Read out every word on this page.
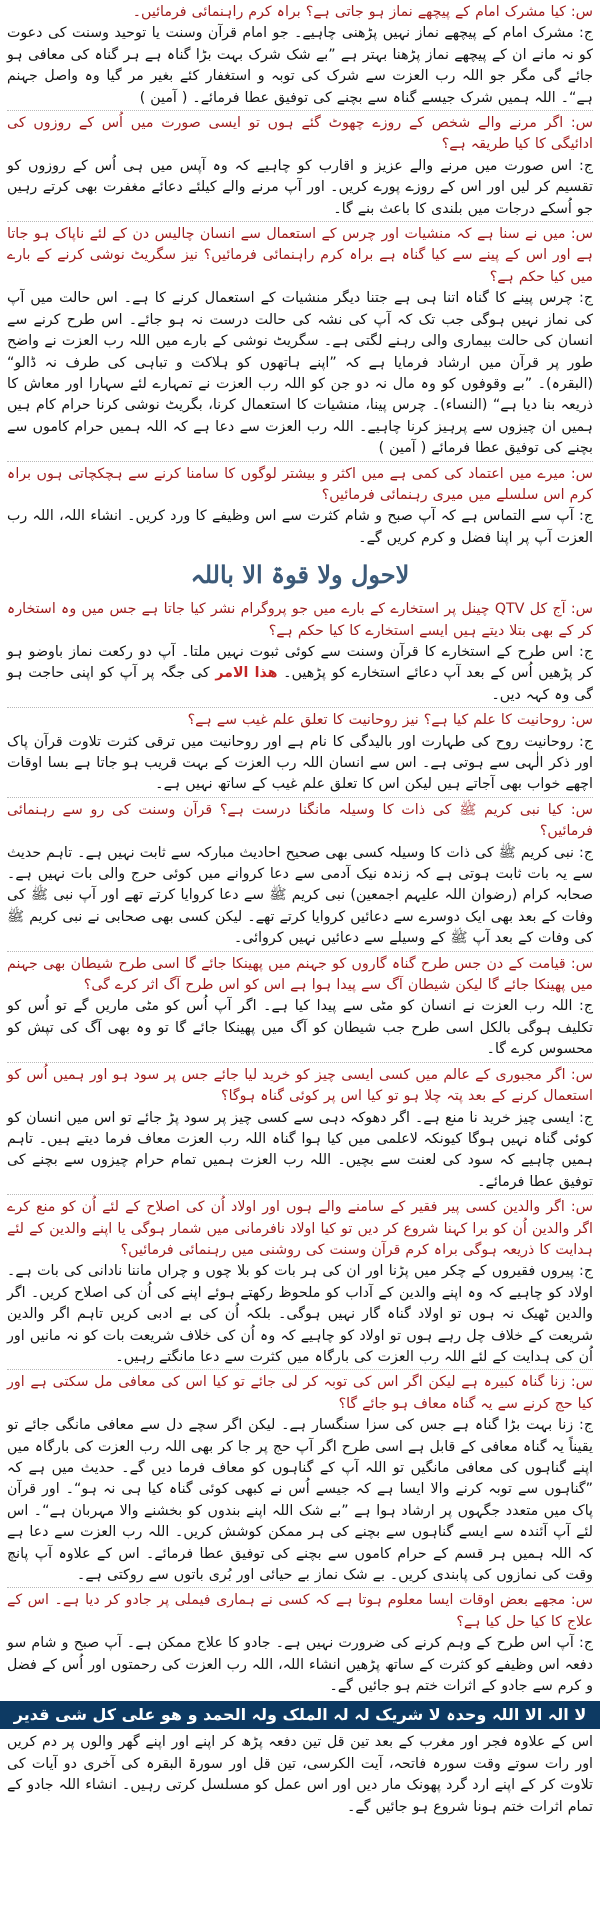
س: کیا مشرک امام کے پیچھے نماز ہو جاتی ہے؟ براہ کرم راہنمائی فرمائیں۔

ج: مشرک امام کے پیچھے نماز نہیں پڑھنی چاہیے۔ جو امام قرآن وسنت یا توحید وسنت کی دعوت کو نہ مانے ان کے پیچھے نماز پڑھنا بہتر ہے ”بے شک شرک بہت بڑا گناہ ہے ہر گناہ کی معافی ہو جائے گی مگر جو اللہ رب العزت سے شرک کی توبہ و استغفار کئے بغیر مر گیا وہ واصل جہنم ہے“۔ اللہ ہمیں شرک جیسے گناہ سے بچنے کی توفیق عطا فرمائے۔ ( آمین )

س: اگر مرنے والے شخص کے روزے چھوٹ گئے ہوں تو ایسی صورت میں اُس کے روزوں کی ادائیگی کا کیا طریقہ ہے؟

ج: اس صورت میں مرنے والے عزیز و اقارب کو چاہیے کہ وہ آپس میں ہی اُس کے روزوں کو تقسیم کر لیں اور اس کے روزے پورے کریں۔ اور آپ مرنے والے کیلئے دعائے مغفرت بھی کرتے رہیں جو اُسکے درجات میں بلندی کا باعث بنے گا۔

س: میں نے سنا ہے کہ منشیات اور چرس کے استعمال سے انسان چالیس دن کے لئے ناپاک ہو جاتا ہے اور اس کے پینے سے کیا گناہ ہے براہ کرم راہنمائی فرمائیں؟ نیز سگریٹ نوشی کرنے کے بارے میں کیا حکم ہے؟

ج: چرس پینے کا گناہ اتنا ہی ہے جتنا دیگر منشیات کے استعمال کرنے کا ہے۔ اس حالت میں آپ کی نماز نہیں ہوگی جب تک کہ آپ کی نشہ کی حالت درست نہ ہو جائے۔ اس طرح کرنے سے انسان کی حالت بیماری والی رہنے لگتی ہے۔ سگریٹ نوشی کے بارے میں اللہ رب العزت نے واضح طور پر قرآن میں ارشاد فرمایا ہے کہ ”اپنے ہاتھوں کو ہلاکت و تباہی کی طرف نہ ڈالو“ (البقرہ)۔ ”بے وقوفوں کو وہ مال نہ دو جن کو اللہ رب العزت نے تمہارے لئے سہارا اور معاش کا ذریعہ بنا دیا ہے“ (النساء)۔ چرس پینا، منشیات کا استعمال کرنا، بگریٹ نوشی کرنا حرام کام ہیں ہمیں ان چیزوں سے پرہیز کرنا چاہیے۔ اللہ رب العزت سے دعا ہے کہ اللہ ہمیں حرام کاموں سے بچنے کی توفیق عطا فرمائے ( آمین )

س: میرے میں اعتماد کی کمی ہے میں اکثر و بیشتر لوگوں کا سامنا کرنے سے ہچکچاتی ہوں براہ کرم اس سلسلے میں میری رہنمائی فرمائیں؟

ج: آپ سے التماس ہے کہ آپ صبح و شام کثرت سے اس وظیفے کا ورد کریں۔ انشاء اللہ، اللہ رب العزت آپ پر اپنا فضل و کرم کریں گے۔

لاحول ولا قوۃ الا باللہ

س: آج کل QTV چینل پر استخارے کے بارے میں جو پروگرام نشر کیا جاتا ہے جس میں وہ استخارہ کر کے بھی بتلا دیتے ہیں ایسے استخارے کا کیا حکم ہے؟

ج: اس طرح کے استخارے کا قرآن وسنت سے کوئی ثبوت نہیں ملتا۔ آپ دو رکعت نماز باوضو ہو کر پڑھیں اُس کے بعد آپ دعائے استخارے کو پڑھیں۔ ھذا الامر کی جگہ پر آپ کو اپنی حاجت ہو گی وہ کہہ دیں۔

س: روحانیت کا علم کیا ہے؟ نیز روحانیت کا تعلق علم غیب سے ہے؟

ج: روحانیت روح کی طہارت اور بالیدگی کا نام ہے اور روحانیت میں ترقی کثرت تلاوت قرآن پاک اور ذکر الٰہی سے ہوتی ہے۔ اس سے انسان اللہ رب العزت کے بہت قریب ہو جاتا ہے بسا اوقات اچھے خواب بھی آجاتے ہیں لیکن اس کا تعلق علم غیب کے ساتھ نہیں ہے۔

س: کیا نبی کریم ﷺ کی ذات کا وسیلہ مانگنا درست ہے؟ قرآن وسنت کی رو سے رہنمائی فرمائیں؟

ج: نبی کریم ﷺ کی ذات کا وسیلہ کسی بھی صحیح احادیث مبارکہ سے ثابت نہیں ہے۔ تاہم حدیث سے یہ بات ثابت ہوتی ہے کہ زندہ نیک آدمی سے دعا کروانے میں کوئی حرج والی بات نہیں ہے۔ صحابہ کرام (رضوان اللہ علیہم اجمعین) نبی کریم ﷺ سے دعا کروایا کرتے تھے اور آپ نبی ﷺ کی وفات کے بعد بھی ایک دوسرے سے دعائیں کروایا کرتے تھے۔ لیکن کسی بھی صحابی نے نبی کریم ﷺ کی وفات کے بعد آپ ﷺ کے وسیلے سے دعائیں نہیں کروائی۔

س: قیامت کے دن جس طرح گناہ گاروں کو جہنم میں پھینکا جائے گا اسی طرح شیطان بھی جہنم میں پھینکا جائے گا لیکن شیطان آگ سے پیدا ہوا ہے اس کو اس طرح آگ اثر کرے گی؟

ج: اللہ رب العزت نے انسان کو مٹی سے پیدا کیا ہے۔ اگر آپ اُس کو مٹی ماریں گے تو اُس کو تکلیف ہوگی بالکل اسی طرح جب شیطان کو آگ میں پھینکا جائے گا تو وہ بھی آگ کی تپش کو محسوس کرے گا۔

س: اگر مجبوری کے عالم میں کسی ایسی چیز کو خرید لیا جائے جس پر سود ہو اور ہمیں اُس کو استعمال کرنے کے بعد پتہ چلا ہو تو کیا اس پر کوئی گناہ ہوگا؟

ج: ایسی چیز خرید نا منع ہے۔ اگر دھوکہ دہی سے کسی چیز پر سود پڑ جائے تو اس میں انسان کو کوئی گناہ نہیں ہوگا کیونکہ لاعلمی میں کیا ہوا گناہ اللہ رب العزت معاف فرما دیتے ہیں۔ تاہم ہمیں چاہیے کہ سود کی لعنت سے بچیں۔ اللہ رب العزت ہمیں تمام حرام چیزوں سے بچنے کی توفیق عطا فرمائے۔

س: اگر والدین کسی پیر فقیر کے سامنے والے ہوں اور اولاد اُن کی اصلاح کے لئے اُن کو منع کرے اگر والدین اُن کو برا کہنا شروع کر دیں تو کیا اولاد نافرمانی میں شمار ہوگی یا اپنے والدین کے لئے ہدایت کا ذریعہ ہوگی براہ کرم قرآن وسنت کی روشنی میں رہنمائی فرمائیں؟

ج: پیروں فقیروں کے چکر میں پڑنا اور ان کی ہر بات کو بلا چوں و چراں ماننا نادانی کی بات ہے۔ اولاد کو چاہیے کہ وہ اپنے والدین کے آداب کو ملحوظ رکھتے ہوئے اپنے کی اُن کی اصلاح کریں۔ اگر والدین ٹھیک نہ ہوں تو اولاد گناہ گار نہیں ہوگی۔ بلکہ اُن کی بے ادبی کریں تاہم اگر والدین شریعت کے خلاف چل رہے ہوں تو اولاد کو چاہیے کہ وہ اُن کی خلاف شریعت بات کو نہ مانیں اور اُن کی ہدایت کے لئے اللہ رب العزت کی بارگاہ میں کثرت سے دعا مانگتے رہیں۔

س: زنا گناہ کبیرہ ہے لیکن اگر اس کی توبہ کر لی جائے تو کیا اس کی معافی مل سکتی ہے اور کیا حج کرنے سے یہ گناہ معاف ہو جائے گا؟

ج: زنا بہت بڑا گناہ ہے جس کی سزا سنگسار ہے۔ لیکن اگر سچے دل سے معافی مانگی جائے تو یقیناً یہ گناہ معافی کے قابل ہے اسی طرح اگر آپ حج پر جا کر بھی اللہ رب العزت کی بارگاہ میں اپنے گناہوں کی معافی مانگیں تو اللہ آپ کے گناہوں کو معاف فرما دیں گے۔ حدیث میں ہے کہ ”گناہوں سے توبہ کرنے والا ایسا ہے کہ جیسے اُس نے کبھی کوئی گناہ کیا ہی نہ ہو“۔ اور قرآن پاک میں متعدد جگہوں پر ارشاد ہوا ہے ”بے شک اللہ اپنے بندوں کو بخشنے والا مہربان ہے“۔ اس لئے آپ آئندہ سے ایسے گناہوں سے بچنے کی ہر ممکن کوشش کریں۔ اللہ رب العزت سے دعا ہے کہ اللہ ہمیں ہر قسم کے حرام کاموں سے بچنے کی توفیق عطا فرمائے۔ اس کے علاوہ آپ پانچ وقت کی نمازوں کی پابندی کریں۔ بے شک نماز بے حیائی اور بُری باتوں سے روکتی ہے۔

س: مجھے بعض اوقات ایسا معلوم ہوتا ہے کہ کسی نے ہماری فیملی پر جادو کر دیا ہے۔ اس کے علاج کا کیا حل کیا ہے؟

ج: آپ اس طرح کے وہم کرنے کی ضرورت نہیں ہے۔ جادو کا علاج ممکن ہے۔ آپ صبح و شام سو دفعہ اس وظیفے کو کثرت کے ساتھ پڑھیں انشاء اللہ، اللہ رب العزت کی رحمتوں اور اُس کے فضل و کرم سے جادو کے اثرات ختم ہو جائیں گے۔

لا الہ الا اللہ وحدہ لا شریک لہ لہ الملک ولہ الحمد و ھو علی کل شی قدیر

اس کے علاوہ فجر اور مغرب کے بعد تین قل تین دفعہ پڑھ کر اپنے اور اپنے گھر والوں پر دم کریں اور رات سوتے وقت سورہ فاتحہ، آیت الکرسی، تین قل اور سورۃ البقرہ کی آخری دو آیات کی تلاوت کر کے اپنے ارد گرد پھونک مار دیں اور اس عمل کو مسلسل کرتی رہیں۔ انشاء اللہ جادو کے تمام اثرات ختم ہونا شروع ہو جائیں گے۔
